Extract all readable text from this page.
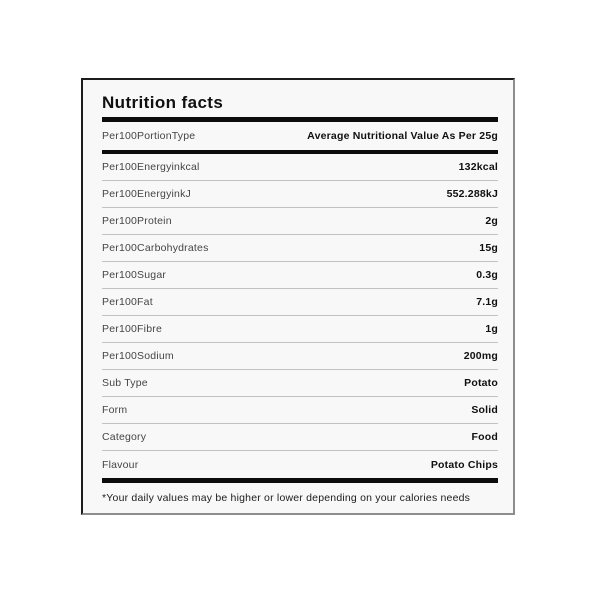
Nutrition facts
Per100PortionType	Average Nutritional Value As Per 25g
Per100Energyinkcal	132kcal
Per100EnergyinkJ	552.288kJ
Per100Protein	2g
Per100Carbohydrates	15g
Per100Sugar	0.3g
Per100Fat	7.1g
Per100Fibre	1g
Per100Sodium	200mg
Sub Type	Potato
Form	Solid
Category	Food
Flavour	Potato Chips
*Your daily values may be higher or lower depending on your calories needs
